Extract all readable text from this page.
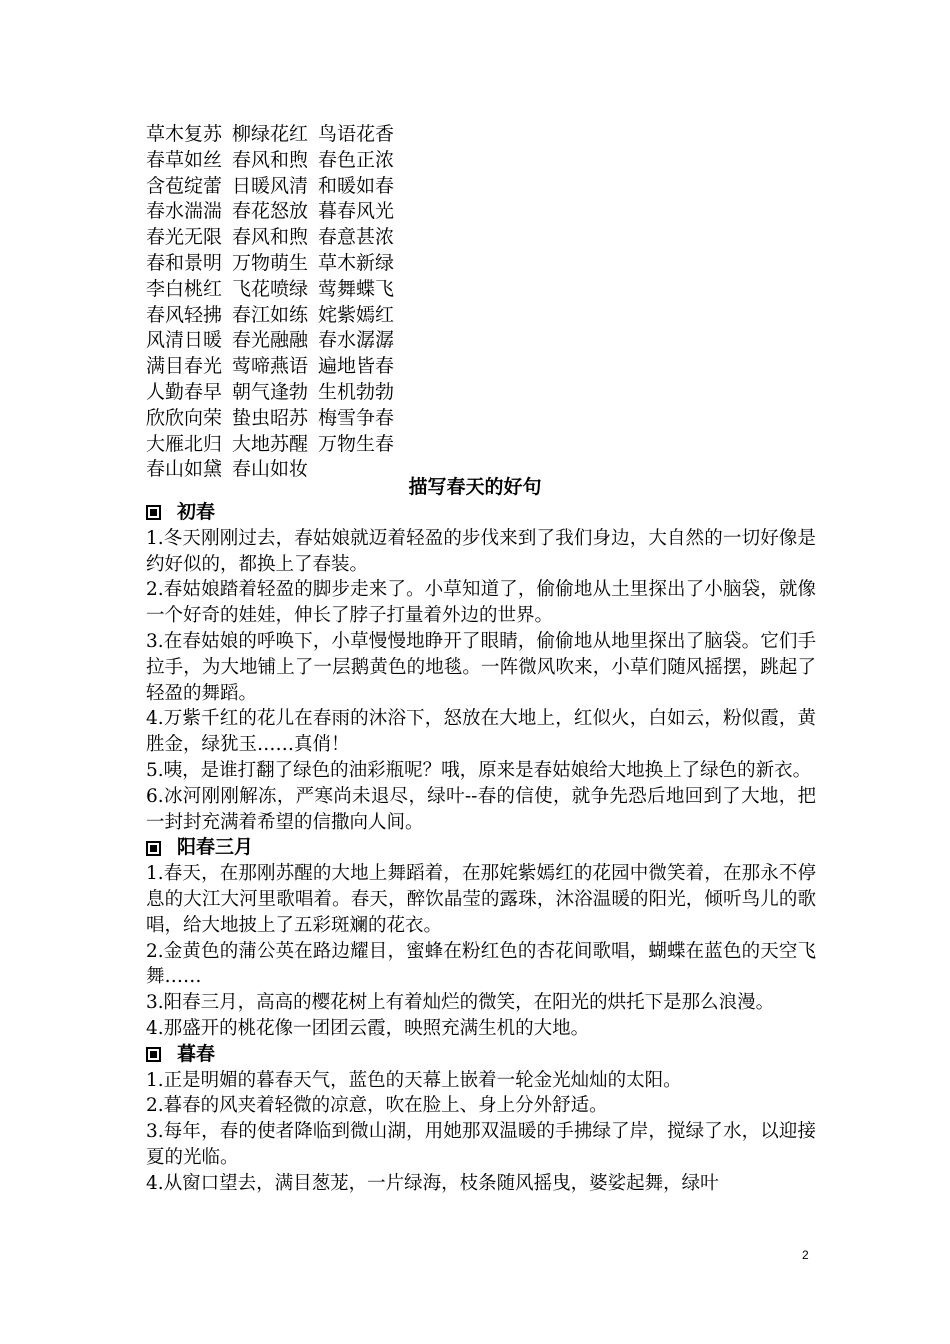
草木复苏 柳绿花红 鸟语花香
春草如丝 春风和煦 春色正浓
含苞绽蕾 日暖风清 和暖如春
春水湍湍 春花怒放 暮春风光
春光无限 春风和煦 春意甚浓
春和景明 万物萌生 草木新绿
李白桃红 飞花喷绿 莺舞蝶飞
春风轻拂 春江如练 姹紫嫣红
风清日暖 春光融融 春水潺潺
满目春光 莺啼燕语 遍地皆春
人勤春早 朝气逢勃 生机勃勃
欣欣向荣 蛰虫昭苏 梅雪争春
大雁北归 大地苏醒 万物生春
春山如黛 春山如妆
描写春天的好句
初春
1.冬天刚刚过去，春姑娘就迈着轻盈的步伐来到了我们身边，大自然的一切好像是约好似的，都换上了春装。
2.春姑娘踏着轻盈的脚步走来了。小草知道了，偷偷地从土里探出了小脑袋，就像一个好奇的娃娃，伸长了脖子打量着外边的世界。
3.在春姑娘的呼唤下，小草慢慢地睁开了眼睛，偷偷地从地里探出了脑袋。它们手拉手，为大地铺上了一层鹅黄色的地毯。一阵微风吹来，小草们随风摇摆，跳起了轻盈的舞蹈。
4.万紫千红的花儿在春雨的沐浴下，怒放在大地上，红似火，白如云，粉似霞，黄胜金，绿犹玉……真俏！
5.咦，是谁打翻了绿色的油彩瓶呢？哦，原来是春姑娘给大地换上了绿色的新衣。
6.冰河刚刚解冻，严寒尚未退尽，绿叶--春的信使，就争先恐后地回到了大地，把一封封充满着希望的信撒向人间。
阳春三月
1.春天，在那刚苏醒的大地上舞蹈着，在那姹紫嫣红的花园中微笑着，在那永不停息的大江大河里歌唱着。春天，醉饮晶莹的露珠，沐浴温暖的阳光，倾听鸟儿的歌唱，给大地披上了五彩斑斓的花衣。
2.金黄色的蒲公英在路边耀目，蜜蜂在粉红色的杏花间歌唱，蝴蝶在蓝色的天空飞舞……
3.阳春三月，高高的樱花树上有着灿烂的微笑，在阳光的烘托下是那么浪漫。
4.那盛开的桃花像一团团云霞，映照充满生机的大地。
暮春
1.正是明媚的暮春天气，蓝色的天幕上嵌着一轮金光灿灿的太阳。
2.暮春的风夹着轻微的凉意，吹在脸上、身上分外舒适。
3.每年，春的使者降临到微山湖，用她那双温暖的手拂绿了岸，搅绿了水，以迎接夏的光临。
4.从窗口望去，满目葱茏，一片绿海，枝条随风摇曳，婆娑起舞，绿叶
2
